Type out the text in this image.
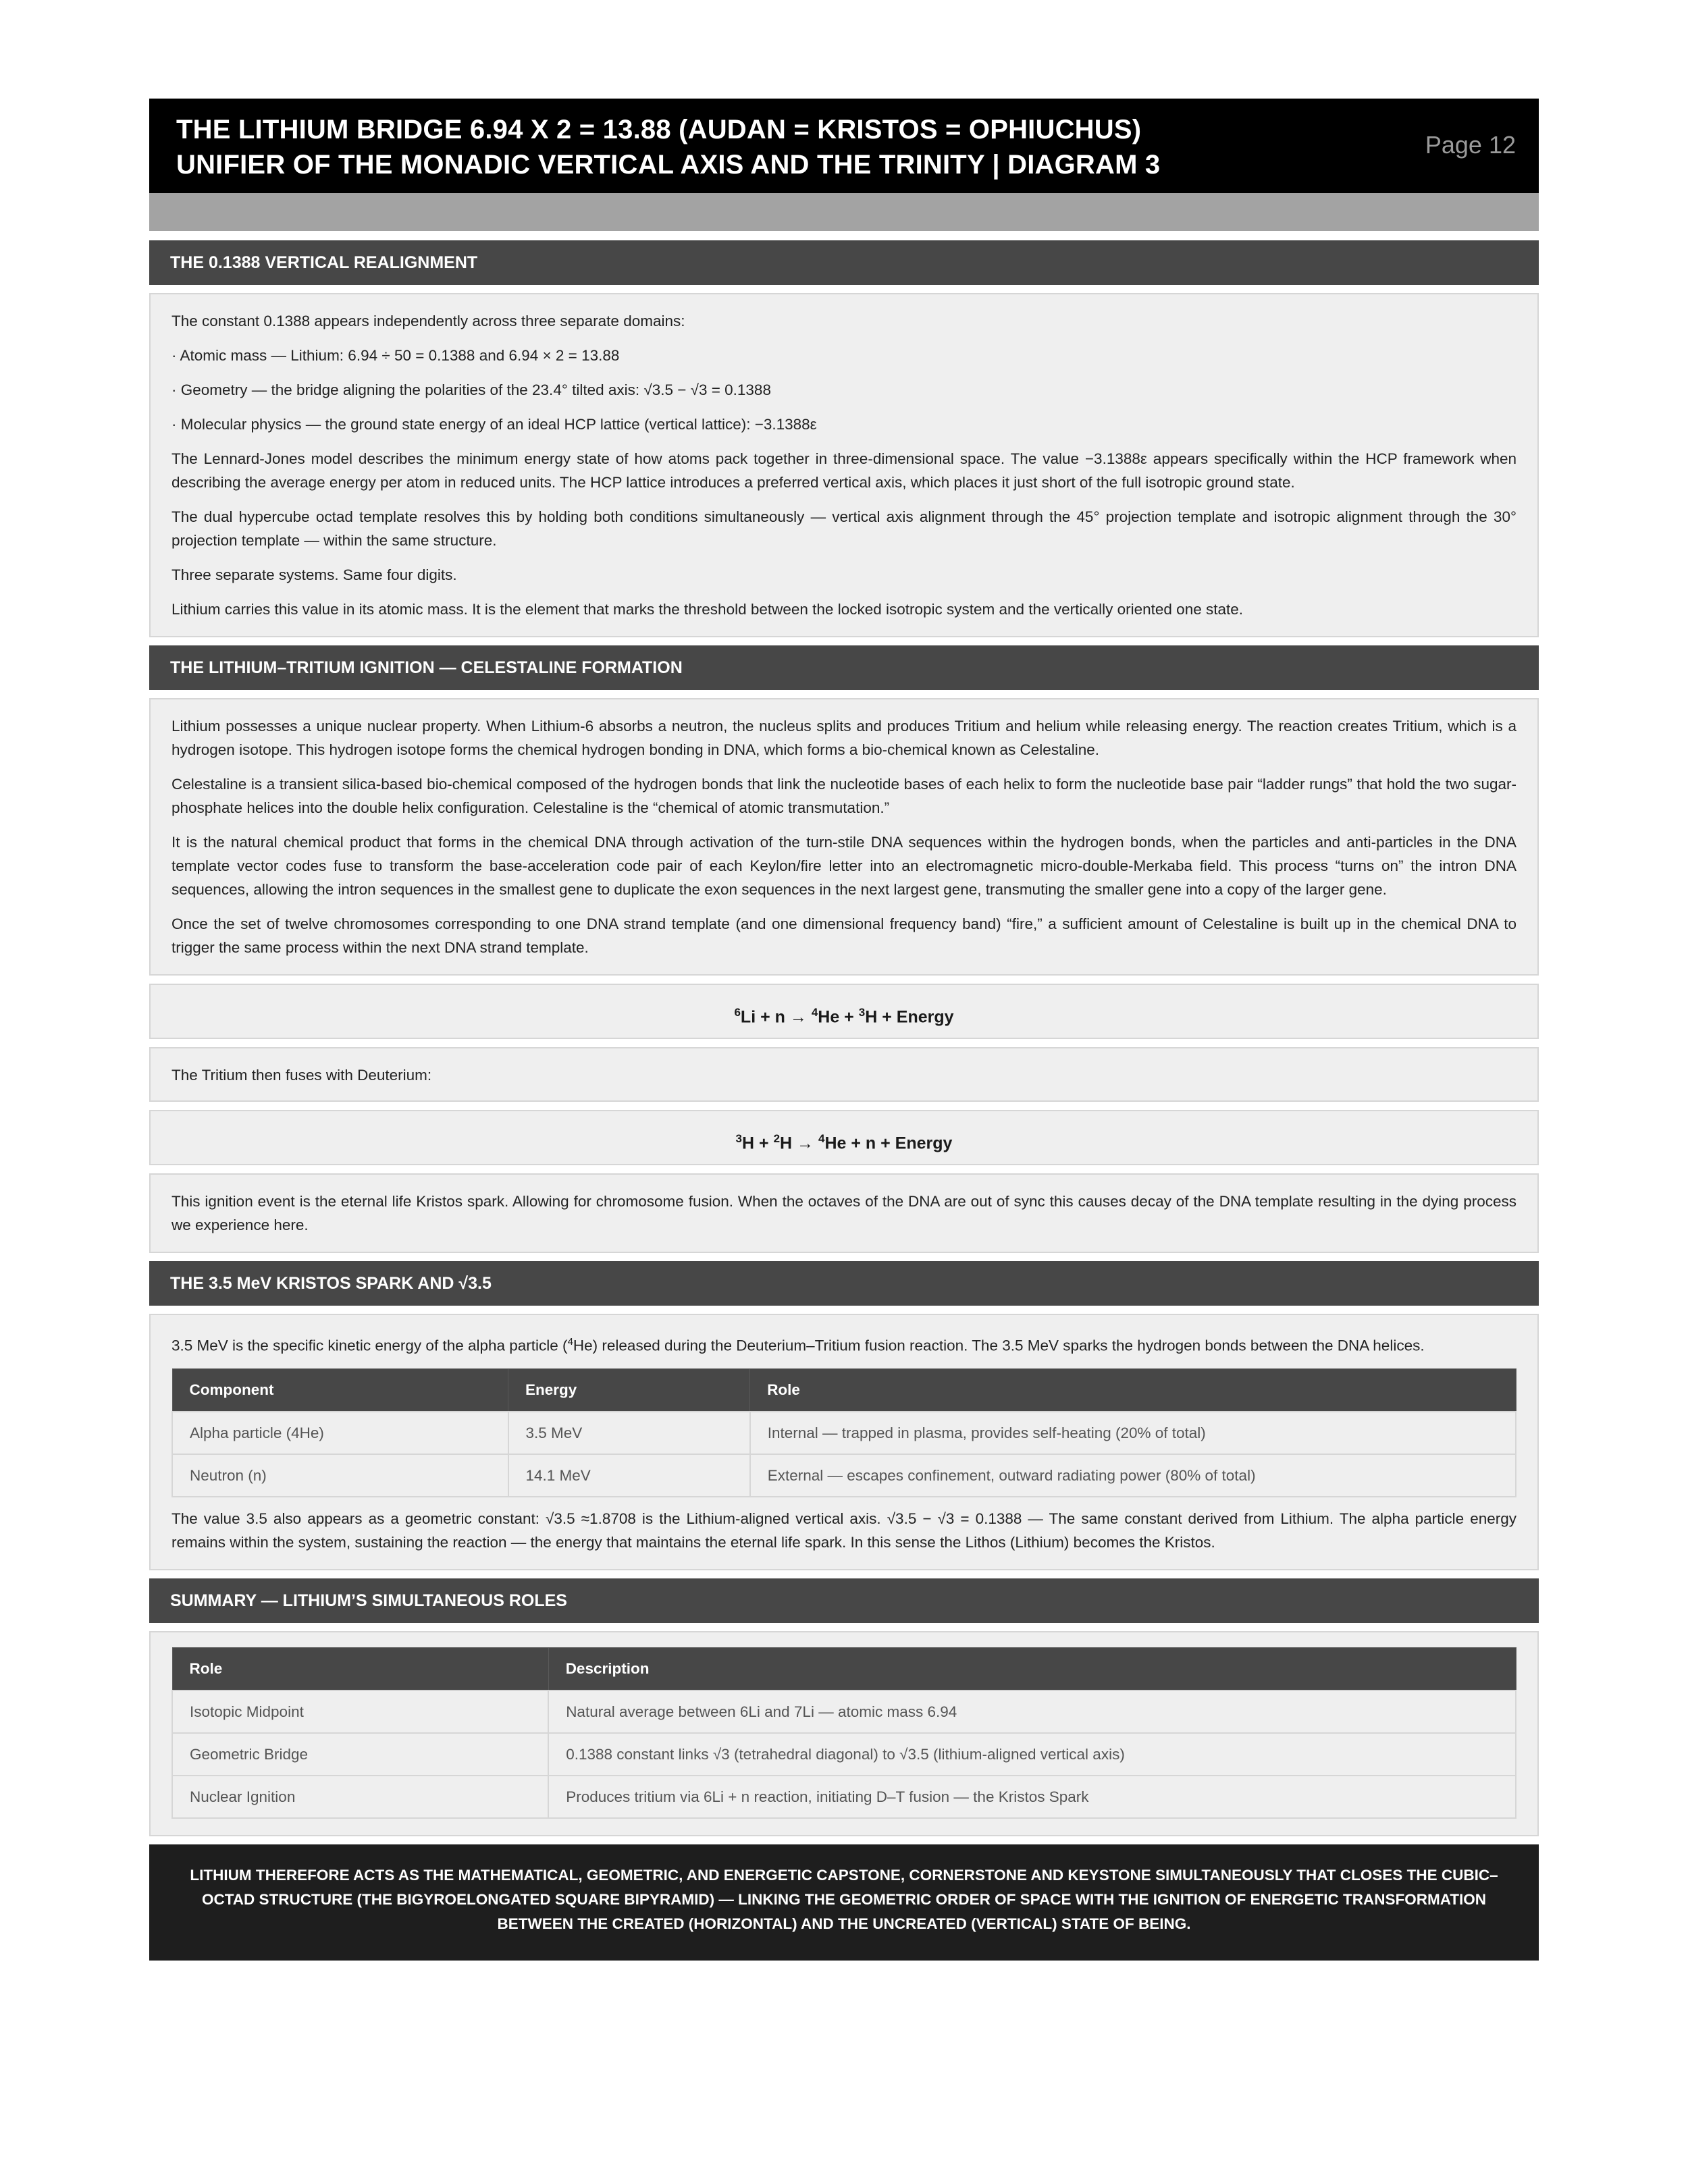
THE LITHIUM BRIDGE 6.94 X 2 = 13.88 (AUDAN = KRISTOS = OPHIUCHUS)
UNIFIER OF THE MONADIC VERTICAL AXIS AND THE TRINITY | DIAGRAM 3
Page 12
THE 0.1388 VERTICAL REALIGNMENT

The constant 0.1388 appears independently across three separate domains:

· Atomic mass — Lithium: 6.94 ÷ 50 = 0.1388 and 6.94 × 2 = 13.88

· Geometry — the bridge aligning the polarities of the 23.4° tilted axis: √3.5 − √3 = 0.1388

· Molecular physics — the ground state energy of an ideal HCP lattice (vertical lattice): −3.1388ε

The Lennard-Jones model describes the minimum energy state of how atoms pack together in three-dimensional space. The value −3.1388ε appears specifically within the HCP framework when describing the average energy per atom in reduced units. The HCP lattice introduces a preferred vertical axis, which places it just short of the full isotropic ground state.

The dual hypercube octad template resolves this by holding both conditions simultaneously — vertical axis alignment through the 45° projection template and isotropic alignment through the 30° projection template — within the same structure.

Three separate systems. Same four digits.

Lithium carries this value in its atomic mass. It is the element that marks the threshold between the locked isotropic system and the vertically oriented one state.

THE LITHIUM–TRITIUM IGNITION — CELESTALINE FORMATION

Lithium possesses a unique nuclear property. When Lithium-6 absorbs a neutron, the nucleus splits and produces Tritium and helium while releasing energy. The reaction creates Tritium, which is a hydrogen isotope. This hydrogen isotope forms the chemical hydrogen bonding in DNA, which forms a bio-chemical known as Celestaline.

Celestaline is a transient silica-based bio-chemical composed of the hydrogen bonds that link the nucleotide bases of each helix to form the nucleotide base pair “ladder rungs” that hold the two sugar-phosphate helices into the double helix configuration. Celestaline is the “chemical of atomic transmutation.”

It is the natural chemical product that forms in the chemical DNA through activation of the turn-stile DNA sequences within the hydrogen bonds, when the particles and anti-particles in the DNA template vector codes fuse to transform the base-acceleration code pair of each Keylon/fire letter into an electromagnetic micro-double-Merkaba field. This process “turns on” the intron DNA sequences, allowing the intron sequences in the smallest gene to duplicate the exon sequences in the next largest gene, transmuting the smaller gene into a copy of the larger gene.

Once the set of twelve chromosomes corresponding to one DNA strand template (and one dimensional frequency band) “fire,” a sufficient amount of Celestaline is built up in the chemical DNA to trigger the same process within the next DNA strand template.

$^6$Li + n → $^4$He + $^3$H + Energy

The Tritium then fuses with Deuterium:

$^3$H + $^2$H → $^4$He + n + Energy

This ignition event is the eternal life Kristos spark. Allowing for chromosome fusion. When the octaves of the DNA are out of sync this causes decay of the DNA template resulting in the dying process we experience here.

THE 3.5 MeV KRISTOS SPARK AND √3.5

3.5 MeV is the specific kinetic energy of the alpha particle ($^4$He) released during the Deuterium–Tritium fusion reaction. The 3.5 MeV sparks the hydrogen bonds between the DNA helices.

Component	Energy	Role
Alpha particle (4He)	3.5 MeV	Internal — trapped in plasma, provides self-heating (20% of total)
Neutron (n)	14.1 MeV	External — escapes confinement, outward radiating power (80% of total)

The value 3.5 also appears as a geometric constant: √3.5 ≈1.8708 is the Lithium-aligned vertical axis. √3.5 − √3 = 0.1388 — The same constant derived from Lithium. The alpha particle energy remains within the system, sustaining the reaction — the energy that maintains the eternal life spark. In this sense the Lithos (Lithium) becomes the Kristos.

SUMMARY — LITHIUM’S SIMULTANEOUS ROLES
Role	Description
Isotopic Midpoint	Natural average between 6Li and 7Li — atomic mass 6.94
Geometric Bridge	0.1388 constant links √3 (tetrahedral diagonal) to √3.5 (lithium-aligned vertical axis)
Nuclear Ignition	Produces tritium via 6Li + n reaction, initiating D–T fusion — the Kristos Spark
LITHIUM THEREFORE ACTS AS THE MATHEMATICAL, GEOMETRIC, AND ENERGETIC CAPSTONE, CORNERSTONE AND KEYSTONE SIMULTANEOUSLY THAT CLOSES THE CUBIC–OCTAD STRUCTURE (THE BIGYROELONGATED SQUARE BIPYRAMID) — LINKING THE GEOMETRIC ORDER OF SPACE WITH THE IGNITION OF ENERGETIC TRANSFORMATION BETWEEN THE CREATED (HORIZONTAL) AND THE UNCREATED (VERTICAL) STATE OF BEING.
